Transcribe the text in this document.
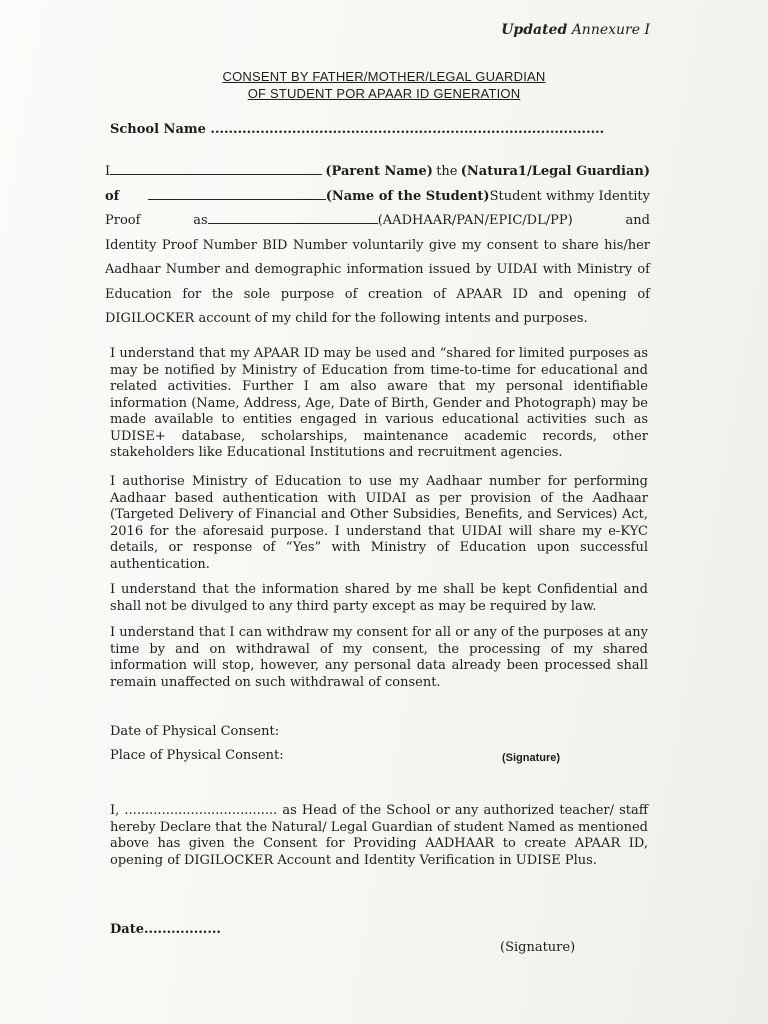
Updated Annexure I
CONSENT BY FATHER/MOTHER/LEGAL GUARDIAN
OF STUDENT POR APAAR ID GENERATION
School Name .......................................................................................
I	(Parent Name) the (Natura1/Legal Guardian)
of	(Name of the Student)Student withmy Identity
Proof	as	(AADHAAR/PAN/EPIC/DL/PP)	and
Identity Proof Number BID Number voluntarily give my consent to share his/her
Aadhaar Number and demographic information issued by UIDAI with Ministry of
Education for the sole purpose of creation of APAAR ID and opening of
DIGILOCKER account of my child for the following intents and purposes.

I understand that my APAAR ID may be used and “shared for limited purposes as may be notified by Ministry of Education from time-to-time for educational and related activities. Further I am also aware that my personal identifiable information (Name, Address, Age, Date of Birth, Gender and Photograph) may be made available to entities engaged in various educational activities such as UDISE+ database, scholarships, maintenance academic records, other stakeholders like Educational Institutions and recruitment agencies.

I authorise Ministry of Education to use my Aadhaar number for performing Aadhaar based authentication with UIDAI as per provision of the Aadhaar (Targeted Delivery of Financial and Other Subsidies, Benefits, and Services) Act, 2016 for the aforesaid purpose. I understand that UIDAI will share my e-KYC details, or response of “Yes” with Ministry of Education upon successful authentication.

I understand that the information shared by me shall be kept Confidential and shall not be divulged to any third party except as may be required by law.

I understand that I can withdraw my consent for all or any of the purposes at any time by and on withdrawal of my consent, the processing of my shared information will stop, however, any personal data already been processed shall remain unaffected on such withdrawal of consent.

Date of Physical Consent:
Place of Physical Consent:	(Signature)

I, ..................................... as Head of the School or any authorized teacher/ staff hereby Declare that the Natural/ Legal Guardian of student Named as mentioned above has given the Consent for Providing AADHAAR to create APAAR ID, opening of DIGILOCKER Account and Identity Verification in UDISE Plus.

Date.................
(Signature)
